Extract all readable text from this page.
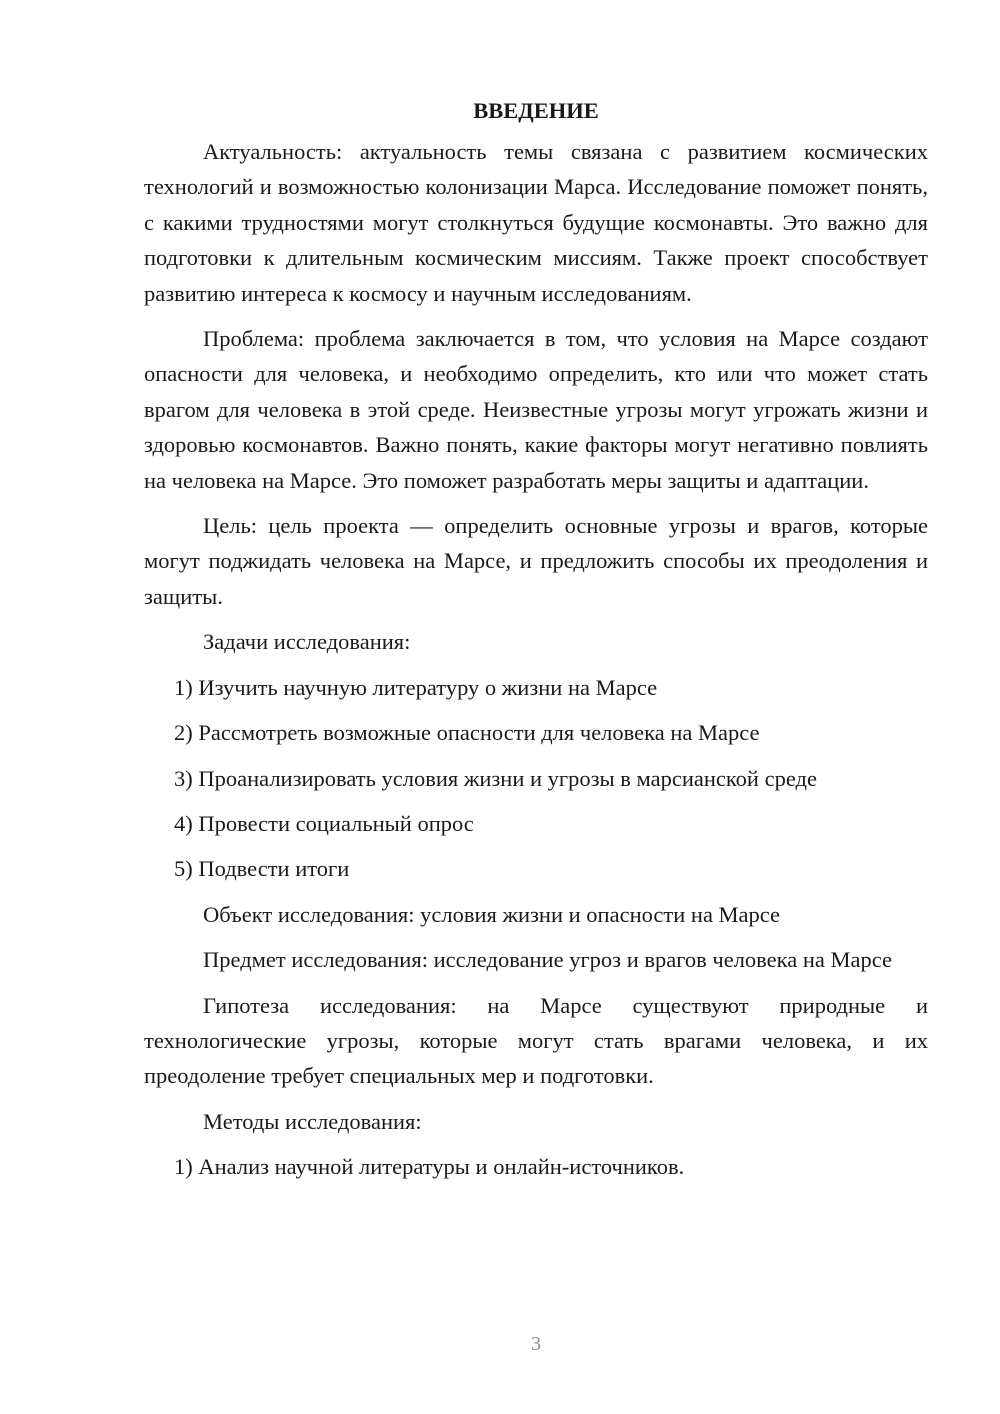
ВВЕДЕНИЕ
Актуальность: актуальность темы связана с развитием космических технологий и возможностью колонизации Марса. Исследование поможет понять, с какими трудностями могут столкнуться будущие космонавты. Это важно для подготовки к длительным космическим миссиям. Также проект способствует развитию интереса к космосу и научным исследованиям.
Проблема: проблема заключается в том, что условия на Марсе создают опасности для человека, и необходимо определить, кто или что может стать врагом для человека в этой среде. Неизвестные угрозы могут угрожать жизни и здоровью космонавтов. Важно понять, какие факторы могут негативно повлиять на человека на Марсе. Это поможет разработать меры защиты и адаптации.
Цель: цель проекта — определить основные угрозы и врагов, которые могут поджидать человека на Марсе, и предложить способы их преодоления и защиты.
Задачи исследования:
1) Изучить научную литературу о жизни на Марсе
2) Рассмотреть возможные опасности для человека на Марсе
3) Проанализировать условия жизни и угрозы в марсианской среде
4) Провести социальный опрос
5) Подвести итоги
Объект исследования: условия жизни и опасности на Марсе
Предмет исследования: исследование угроз и врагов человека на Марсе
Гипотеза исследования: на Марсе существуют природные и технологические угрозы, которые могут стать врагами человека, и их преодоление требует специальных мер и подготовки.
Методы исследования:
1) Анализ научной литературы и онлайн-источников.
3
